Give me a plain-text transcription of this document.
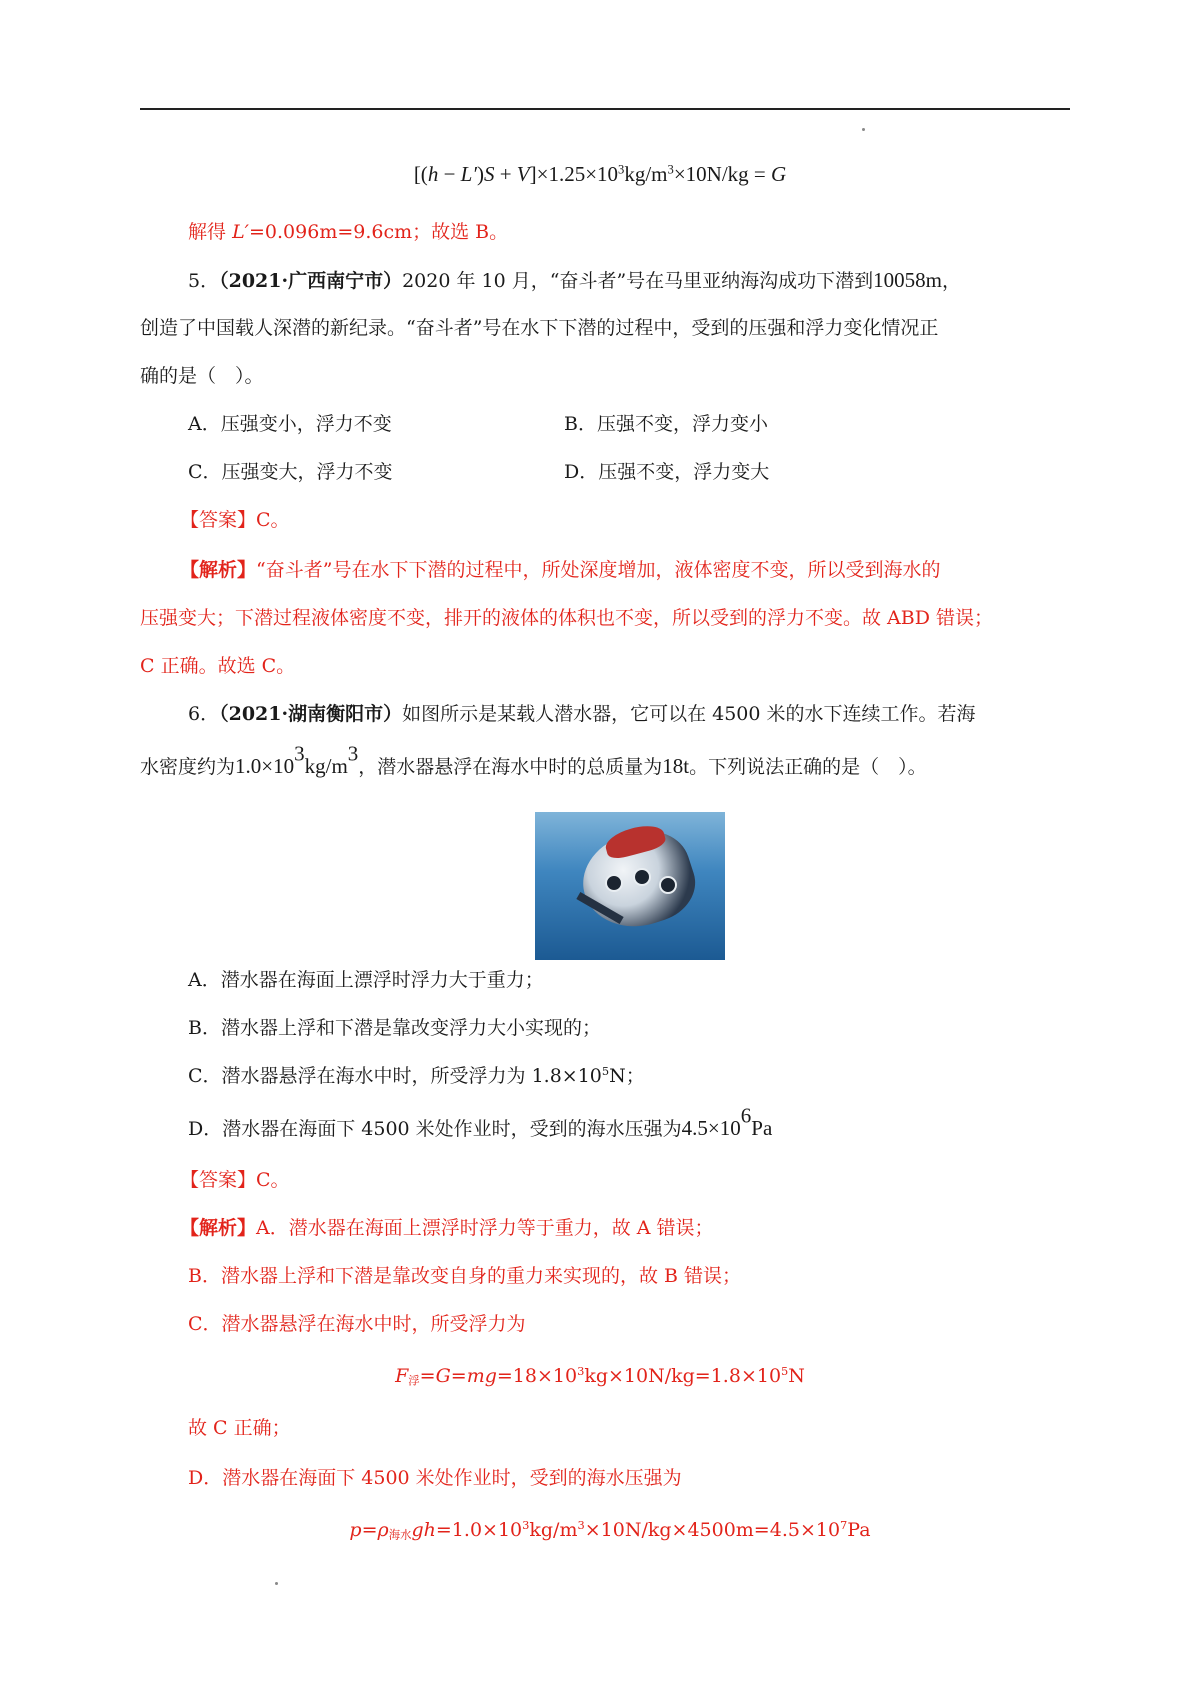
$[(h - L')S + V]\times 1.25\times 10^3kg/m^3\times 10N/kg = G$
解得 L′=0.096m=9.6cm；故选 B。
5．（2021·广西南宁市）2020 年 10 月，“奋斗者”号在马里亚纳海沟成功下潜到10058m，
创造了中国载人深潜的新纪录。“奋斗者”号在水下下潜的过程中，受到的压强和浮力变化情况正
确的是（　）。
A．压强变小，浮力不变	B．压强不变，浮力变小
C．压强变大，浮力不变	D．压强不变，浮力变大
【答案】C。
【解析】“奋斗者”号在水下下潜的过程中，所处深度增加，液体密度不变，所以受到海水的
压强变大；下潜过程液体密度不变，排开的液体的体积也不变，所以受到的浮力不变。故 ABD 错误；
C 正确。故选 C。
6．（2021·湖南衡阳市）如图所示是某载人潜水器，它可以在 4500 米的水下连续工作。若海
水密度约为$1.0\times 10^3kg/m^3$，潜水器悬浮在海水中时的总质量为18t。下列说法正确的是（　）。
A．潜水器在海面上漂浮时浮力大于重力；
B．潜水器上浮和下潜是靠改变浮力大小实现的；
C．潜水器悬浮在海水中时，所受浮力为 $1.8\times 10^5N$；
D．潜水器在海面下 4500 米处作业时，受到的海水压强为$4.5\times 10^6Pa$
【答案】C。
【解析】A．潜水器在海面上漂浮时浮力等于重力，故 A 错误；
B．潜水器上浮和下潜是靠改变自身的重力来实现的，故 B 错误；
C．潜水器悬浮在海水中时，所受浮力为
$F_浮=G=mg=18\times 10^3kg\times 10N/kg=1.8\times 10^5N$
故 C 正确；
D．潜水器在海面下 4500 米处作业时，受到的海水压强为
$p=\rho_{海水}gh=1.0\times 10^3kg/m^3\times 10N/kg\times 4500m=4.5\times 10^7Pa$
